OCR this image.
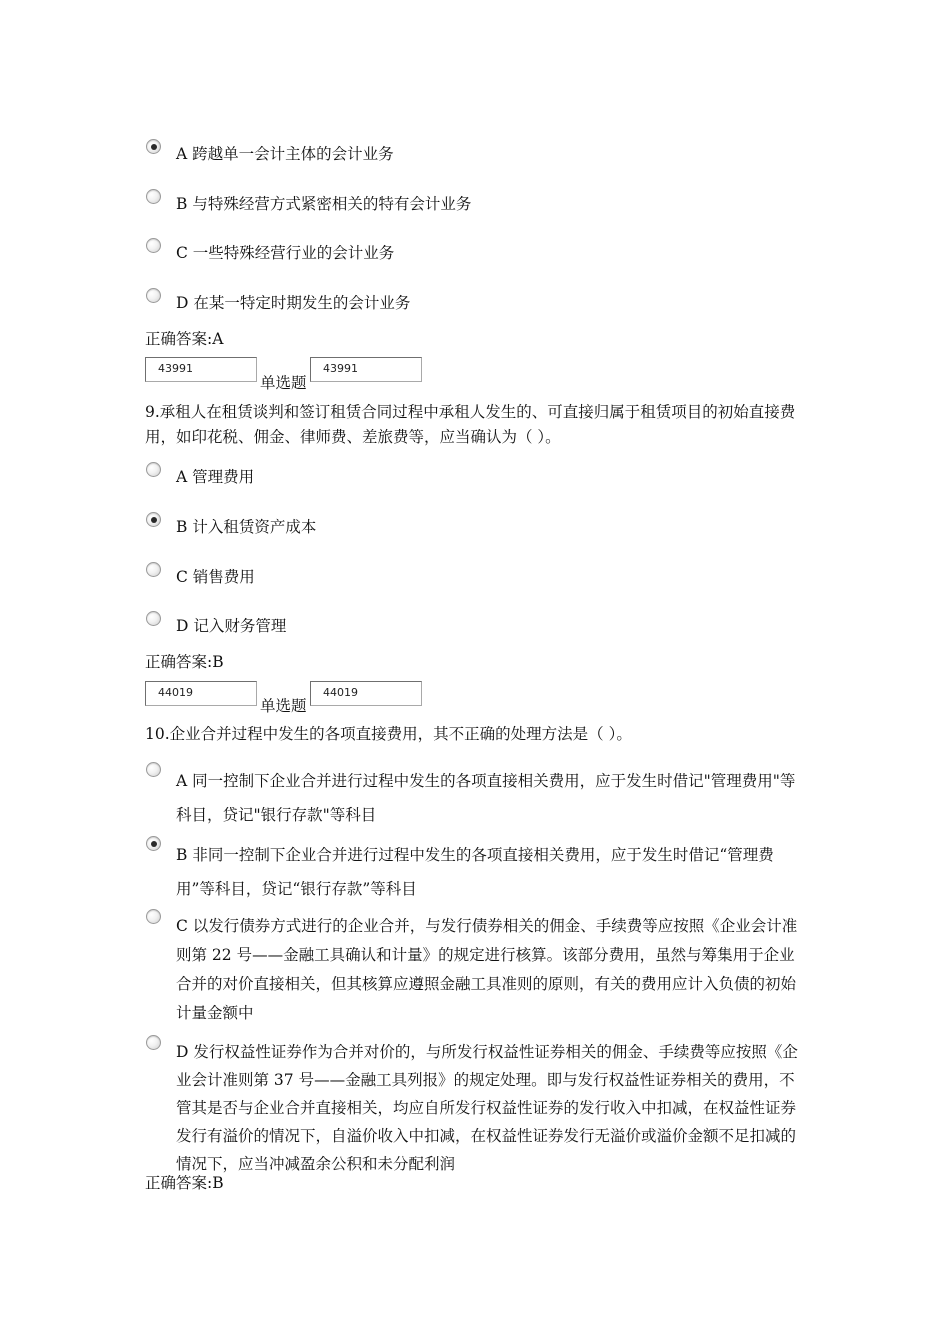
A 跨越单一会计主体的会计业务
B 与特殊经营方式紧密相关的特有会计业务
C 一些特殊经营行业的会计业务
D 在某一特定时期发生的会计业务
正确答案:A
43991
单选题
43991
9.承租人在租赁谈判和签订租赁合同过程中承租人发生的、可直接归属于租赁项目的初始直接费用，如印花税、佣金、律师费、差旅费等，应当确认为（ ）。
A 管理费用
B 计入租赁资产成本
C 销售费用
D 记入财务管理
正确答案:B
44019
单选题
44019
10.企业合并过程中发生的各项直接费用，其不正确的处理方法是（ ）。
A 同一控制下企业合并进行过程中发生的各项直接相关费用，应于发生时借记"管理费用"等科目，贷记"银行存款"等科目
B 非同一控制下企业合并进行过程中发生的各项直接相关费用，应于发生时借记“管理费用”等科目，贷记“银行存款”等科目
C 以发行债券方式进行的企业合并，与发行债券相关的佣金、手续费等应按照《企业会计准则第 22 号——金融工具确认和计量》的规定进行核算。该部分费用，虽然与筹集用于企业合并的对价直接相关，但其核算应遵照金融工具准则的原则，有关的费用应计入负债的初始计量金额中
D 发行权益性证券作为合并对价的，与所发行权益性证券相关的佣金、手续费等应按照《企业会计准则第 37 号——金融工具列报》的规定处理。即与发行权益性证券相关的费用，不管其是否与企业合并直接相关，均应自所发行权益性证券的发行收入中扣减，在权益性证券发行有溢价的情况下，自溢价收入中扣减，在权益性证券发行无溢价或溢价金额不足扣减的情况下，应当冲减盈余公积和未分配利润
正确答案:B
